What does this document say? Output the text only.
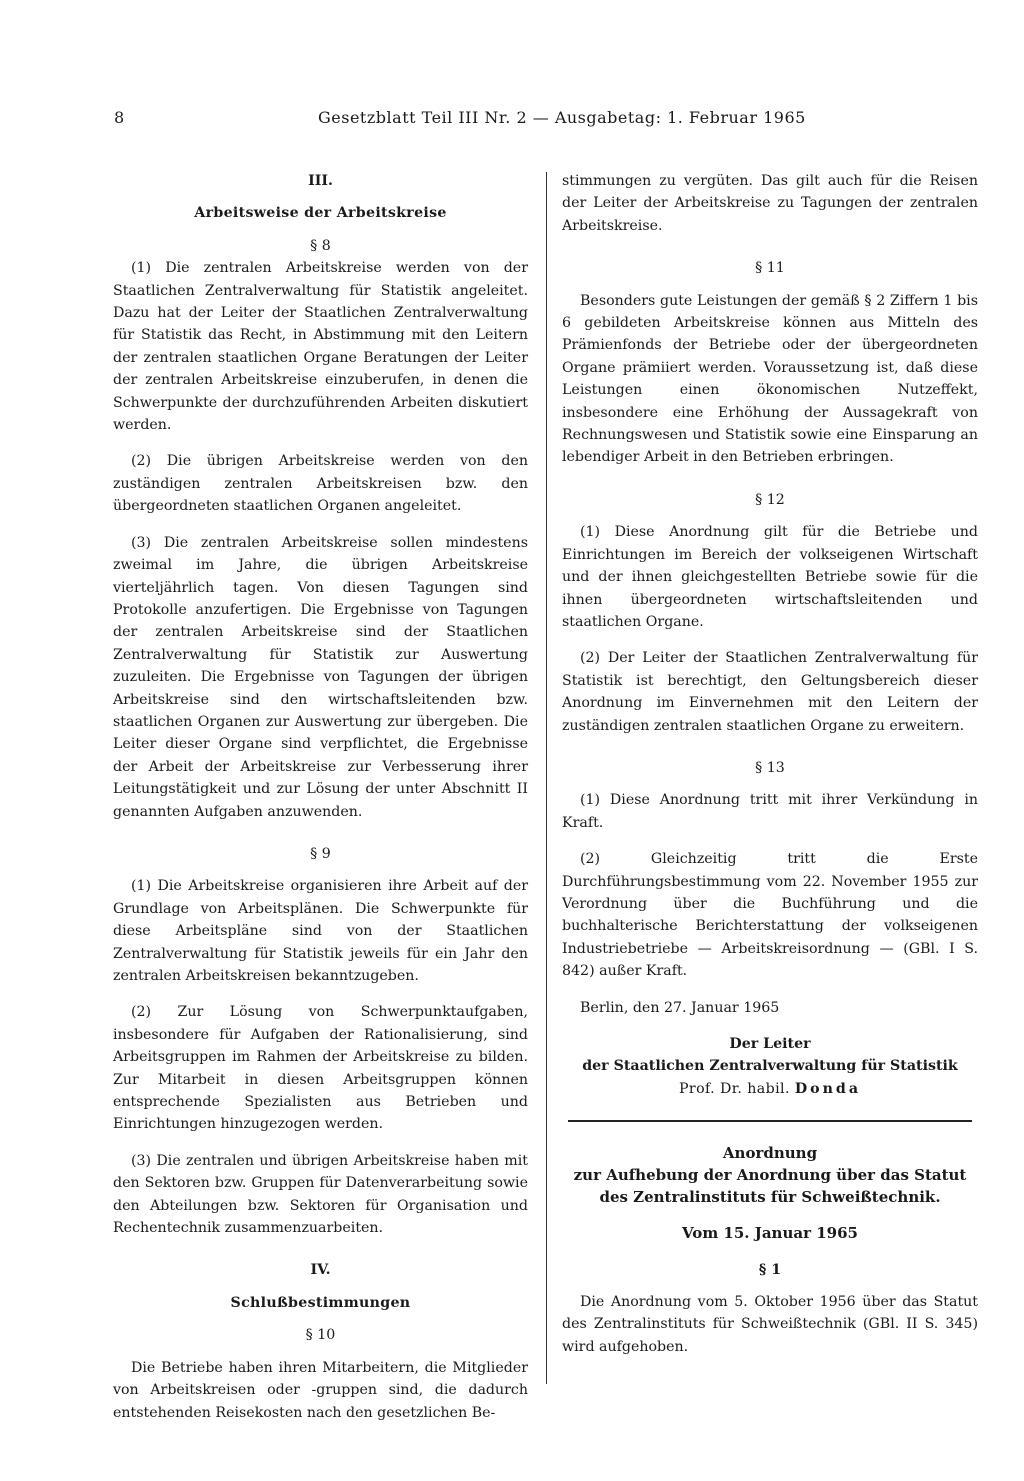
8	Gesetzblatt Teil III Nr. 2 — Ausgabetag: 1. Februar 1965

III.

Arbeitsweise der Arbeitskreise

§ 8

(1) Die zentralen Arbeitskreise werden von der Staatlichen Zentralverwaltung für Statistik angeleitet. Dazu hat der Leiter der Staatlichen Zentralverwaltung für Statistik das Recht, in Abstimmung mit den Leitern der zentralen staatlichen Organe Beratungen der Leiter der zentralen Arbeitskreise einzuberufen, in denen die Schwerpunkte der durchzuführenden Arbeiten diskutiert werden.

(2) Die übrigen Arbeitskreise werden von den zuständigen zentralen Arbeitskreisen bzw. den übergeordneten staatlichen Organen angeleitet.

(3) Die zentralen Arbeitskreise sollen mindestens zweimal im Jahre, die übrigen Arbeitskreise vierteljährlich tagen. Von diesen Tagungen sind Protokolle anzufertigen. Die Ergebnisse von Tagungen der zentralen Arbeitskreise sind der Staatlichen Zentralverwaltung für Statistik zur Auswertung zuzuleiten. Die Ergebnisse von Tagungen der übrigen Arbeitskreise sind den wirtschaftsleitenden bzw. staatlichen Organen zur Auswertung zur übergeben. Die Leiter dieser Organe sind verpflichtet, die Ergebnisse der Arbeit der Arbeitskreise zur Verbesserung ihrer Leitungstätigkeit und zur Lösung der unter Abschnitt II genannten Aufgaben anzuwenden.

§ 9

(1) Die Arbeitskreise organisieren ihre Arbeit auf der Grundlage von Arbeitsplänen. Die Schwerpunkte für diese Arbeitspläne sind von der Staatlichen Zentralverwaltung für Statistik jeweils für ein Jahr den zentralen Arbeitskreisen bekanntzugeben.

(2) Zur Lösung von Schwerpunktaufgaben, insbesondere für Aufgaben der Rationalisierung, sind Arbeitsgruppen im Rahmen der Arbeitskreise zu bilden. Zur Mitarbeit in diesen Arbeitsgruppen können entsprechende Spezialisten aus Betrieben und Einrichtungen hinzugezogen werden.

(3) Die zentralen und übrigen Arbeitskreise haben mit den Sektoren bzw. Gruppen für Datenverarbeitung sowie den Abteilungen bzw. Sektoren für Organisation und Rechentechnik zusammenzuarbeiten.

IV.

Schlußbestimmungen

§ 10

Die Betriebe haben ihren Mitarbeitern, die Mitglieder von Arbeitskreisen oder -gruppen sind, die dadurch entstehenden Reisekosten nach den gesetzlichen Be-

stimmungen zu vergüten. Das gilt auch für die Reisen der Leiter der Arbeitskreise zu Tagungen der zentralen Arbeitskreise.

§ 11

Besonders gute Leistungen der gemäß § 2 Ziffern 1 bis 6 gebildeten Arbeitskreise können aus Mitteln des Prämienfonds der Betriebe oder der übergeordneten Organe prämiiert werden. Voraussetzung ist, daß diese Leistungen einen ökonomischen Nutzeffekt, insbesondere eine Erhöhung der Aussagekraft von Rechnungswesen und Statistik sowie eine Einsparung an lebendiger Arbeit in den Betrieben erbringen.

§ 12

(1) Diese Anordnung gilt für die Betriebe und Einrichtungen im Bereich der volkseigenen Wirtschaft und der ihnen gleichgestellten Betriebe sowie für die ihnen übergeordneten wirtschaftsleitenden und staatlichen Organe.

(2) Der Leiter der Staatlichen Zentralverwaltung für Statistik ist berechtigt, den Geltungsbereich dieser Anordnung im Einvernehmen mit den Leitern der zuständigen zentralen staatlichen Organe zu erweitern.

§ 13

(1) Diese Anordnung tritt mit ihrer Verkündung in Kraft.

(2) Gleichzeitig tritt die Erste Durchführungsbestimmung vom 22. November 1955 zur Verordnung über die Buchführung und die buchhalterische Berichterstattung der volkseigenen Industriebetriebe — Arbeitskreisordnung — (GBl. I S. 842) außer Kraft.

Berlin, den 27. Januar 1965

Der Leiter

der Staatlichen Zentralverwaltung für Statistik

Prof. Dr. habil. Donda

Anordnung

zur Aufhebung der Anordnung über das Statut

des Zentralinstituts für Schweißtechnik.

Vom 15. Januar 1965

§ 1

Die Anordnung vom 5. Oktober 1956 über das Statut des Zentralinstituts für Schweißtechnik (GBl. II S. 345) wird aufgehoben.
